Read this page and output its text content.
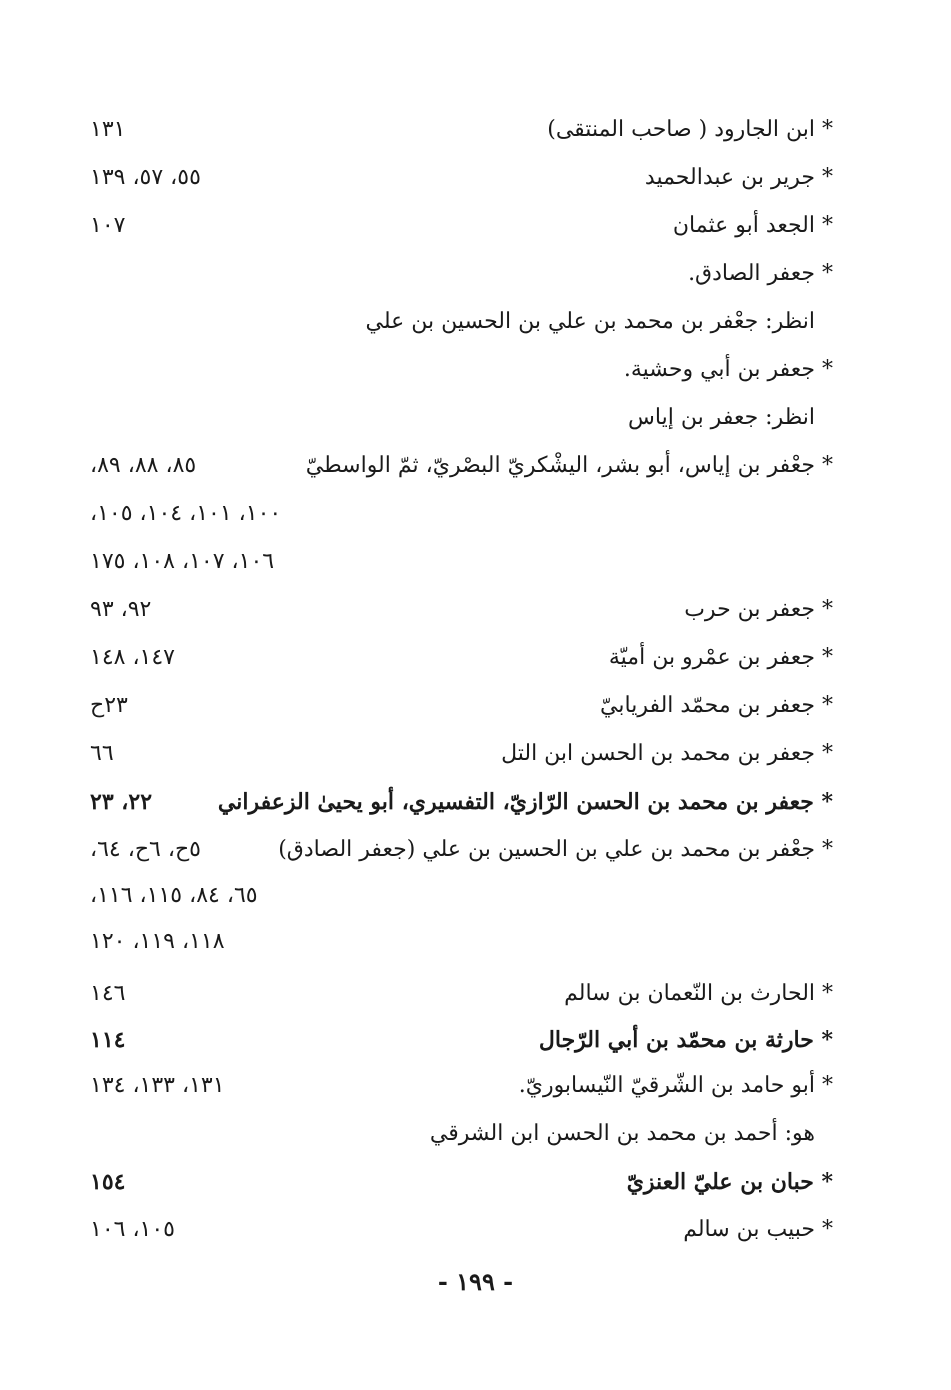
* ابن الجارود ( صاحب المنتقى)
١٣١
* جرير بن عبدالحميد
٥٥، ٥٧، ١٣٩
* الجعد أبو عثمان
١٠٧
* جعفر الصادق.
انظر: جعْفر بن محمد بن علي بن الحسين بن علي
* جعفر بن أبي وحشية.
انظر: جعفر بن إياس
* جعْفر بن إياس، أبو بشر، اليشْكريّ البصْريّ، ثمّ الواسطيّ
٨٥، ٨٨، ٨٩،
١٠٠، ١٠١، ١٠٤، ١٠٥،
١٠٦، ١٠٧، ١٠٨، ١٧٥
* جعفر بن حرب
٩٢، ٩٣
* جعفر بن عمْرو بن أميّة
١٤٧، ١٤٨
* جعفر بن محمّد الفريابيّ
٢٣ح
* جعفر بن محمد بن الحسن ابن التل
٦٦
* جعفر بن محمد بن الحسن الرّازيّ، التفسيري، أبو يحيىٰ الزعفراني
٢٢، ٢٣
* جعْفر بن محمد بن علي بن الحسين بن علي (جعفر الصادق)
٥ح، ٦ح، ٦٤،
٦٥، ٨٤، ١١٥، ١١٦،
١١٨، ١١٩، ١٢٠
* الحارث بن النّعمان بن سالم
١٤٦
* حارثة بن محمّد بن أبي الرّجال
١١٤
* أبو حامد بن الشّرقيّ النّيسابوريّ.
١٣١، ١٣٣، ١٣٤
هو: أحمد بن محمد بن الحسن ابن الشرقي
* حبان بن عليّ العنزيّ
١٥٤
* حبيب بن سالم
١٠٥، ١٠٦
- ١٩٩ -
